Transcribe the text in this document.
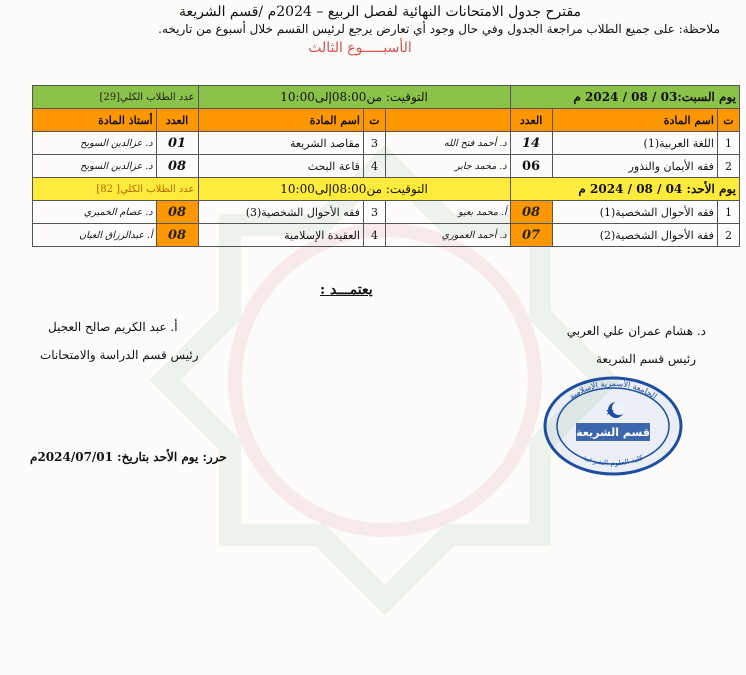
مقترح جدول الامتحانات النهائية لفصل الربيع – 2024م /قسم الشريعة
ملاحظة: على جميع الطلاب مراجعة الجدول وفي حال وجود أي تعارض يرجع لرئيس القسم خلال أسبوع من تاريخه.
الأسبـــــوع الثالث
يوم السبت:03 / 08 / 2024 م			التوقيت: من08:00إلى10:00			عدد الطلاب الكلي[29]	
ت	اسم المادة	العدد		ت	اسم المادة	العدد	أستاذ المادة
1	اللغة العربية(1)	14	د. أحمد فتح الله	3	مقاصد الشريعة	01	د. عزالدين السويح
2	فقه الأيمان والنذور	06	د. محمد جابر	4	قاعة البحث	08	د. عزالدين السويح
يوم الأحد: 04 / 08 / 2024 م			التوقيت: من08:00إلى10:00			عدد الطلاب الكلي[ 82]	
1	فقه الأحوال الشخصية(1)	08	أ. محمد بعيو	3	فقه الأحوال الشخصية(3)	08	د. عصام الخميري
2	فقه الأحوال الشخصية(2)	07	د. أحمد العموري	4	العقيدة الإسلامية	08	أ. عبدالرزاق العيان
يعتمـــد :
د. هشام عمران علي العربي
رئيس قسم الشريعة
أ. عبد الكريم صالح العجيل
رئيس قسم الدراسة والامتحانات
الجامعة الأسمرية الإسلامية
كلية العلوم الشرعية
قسم الشريعة
حرر: يوم الأحد بتاريخ: 2024/07/01م
